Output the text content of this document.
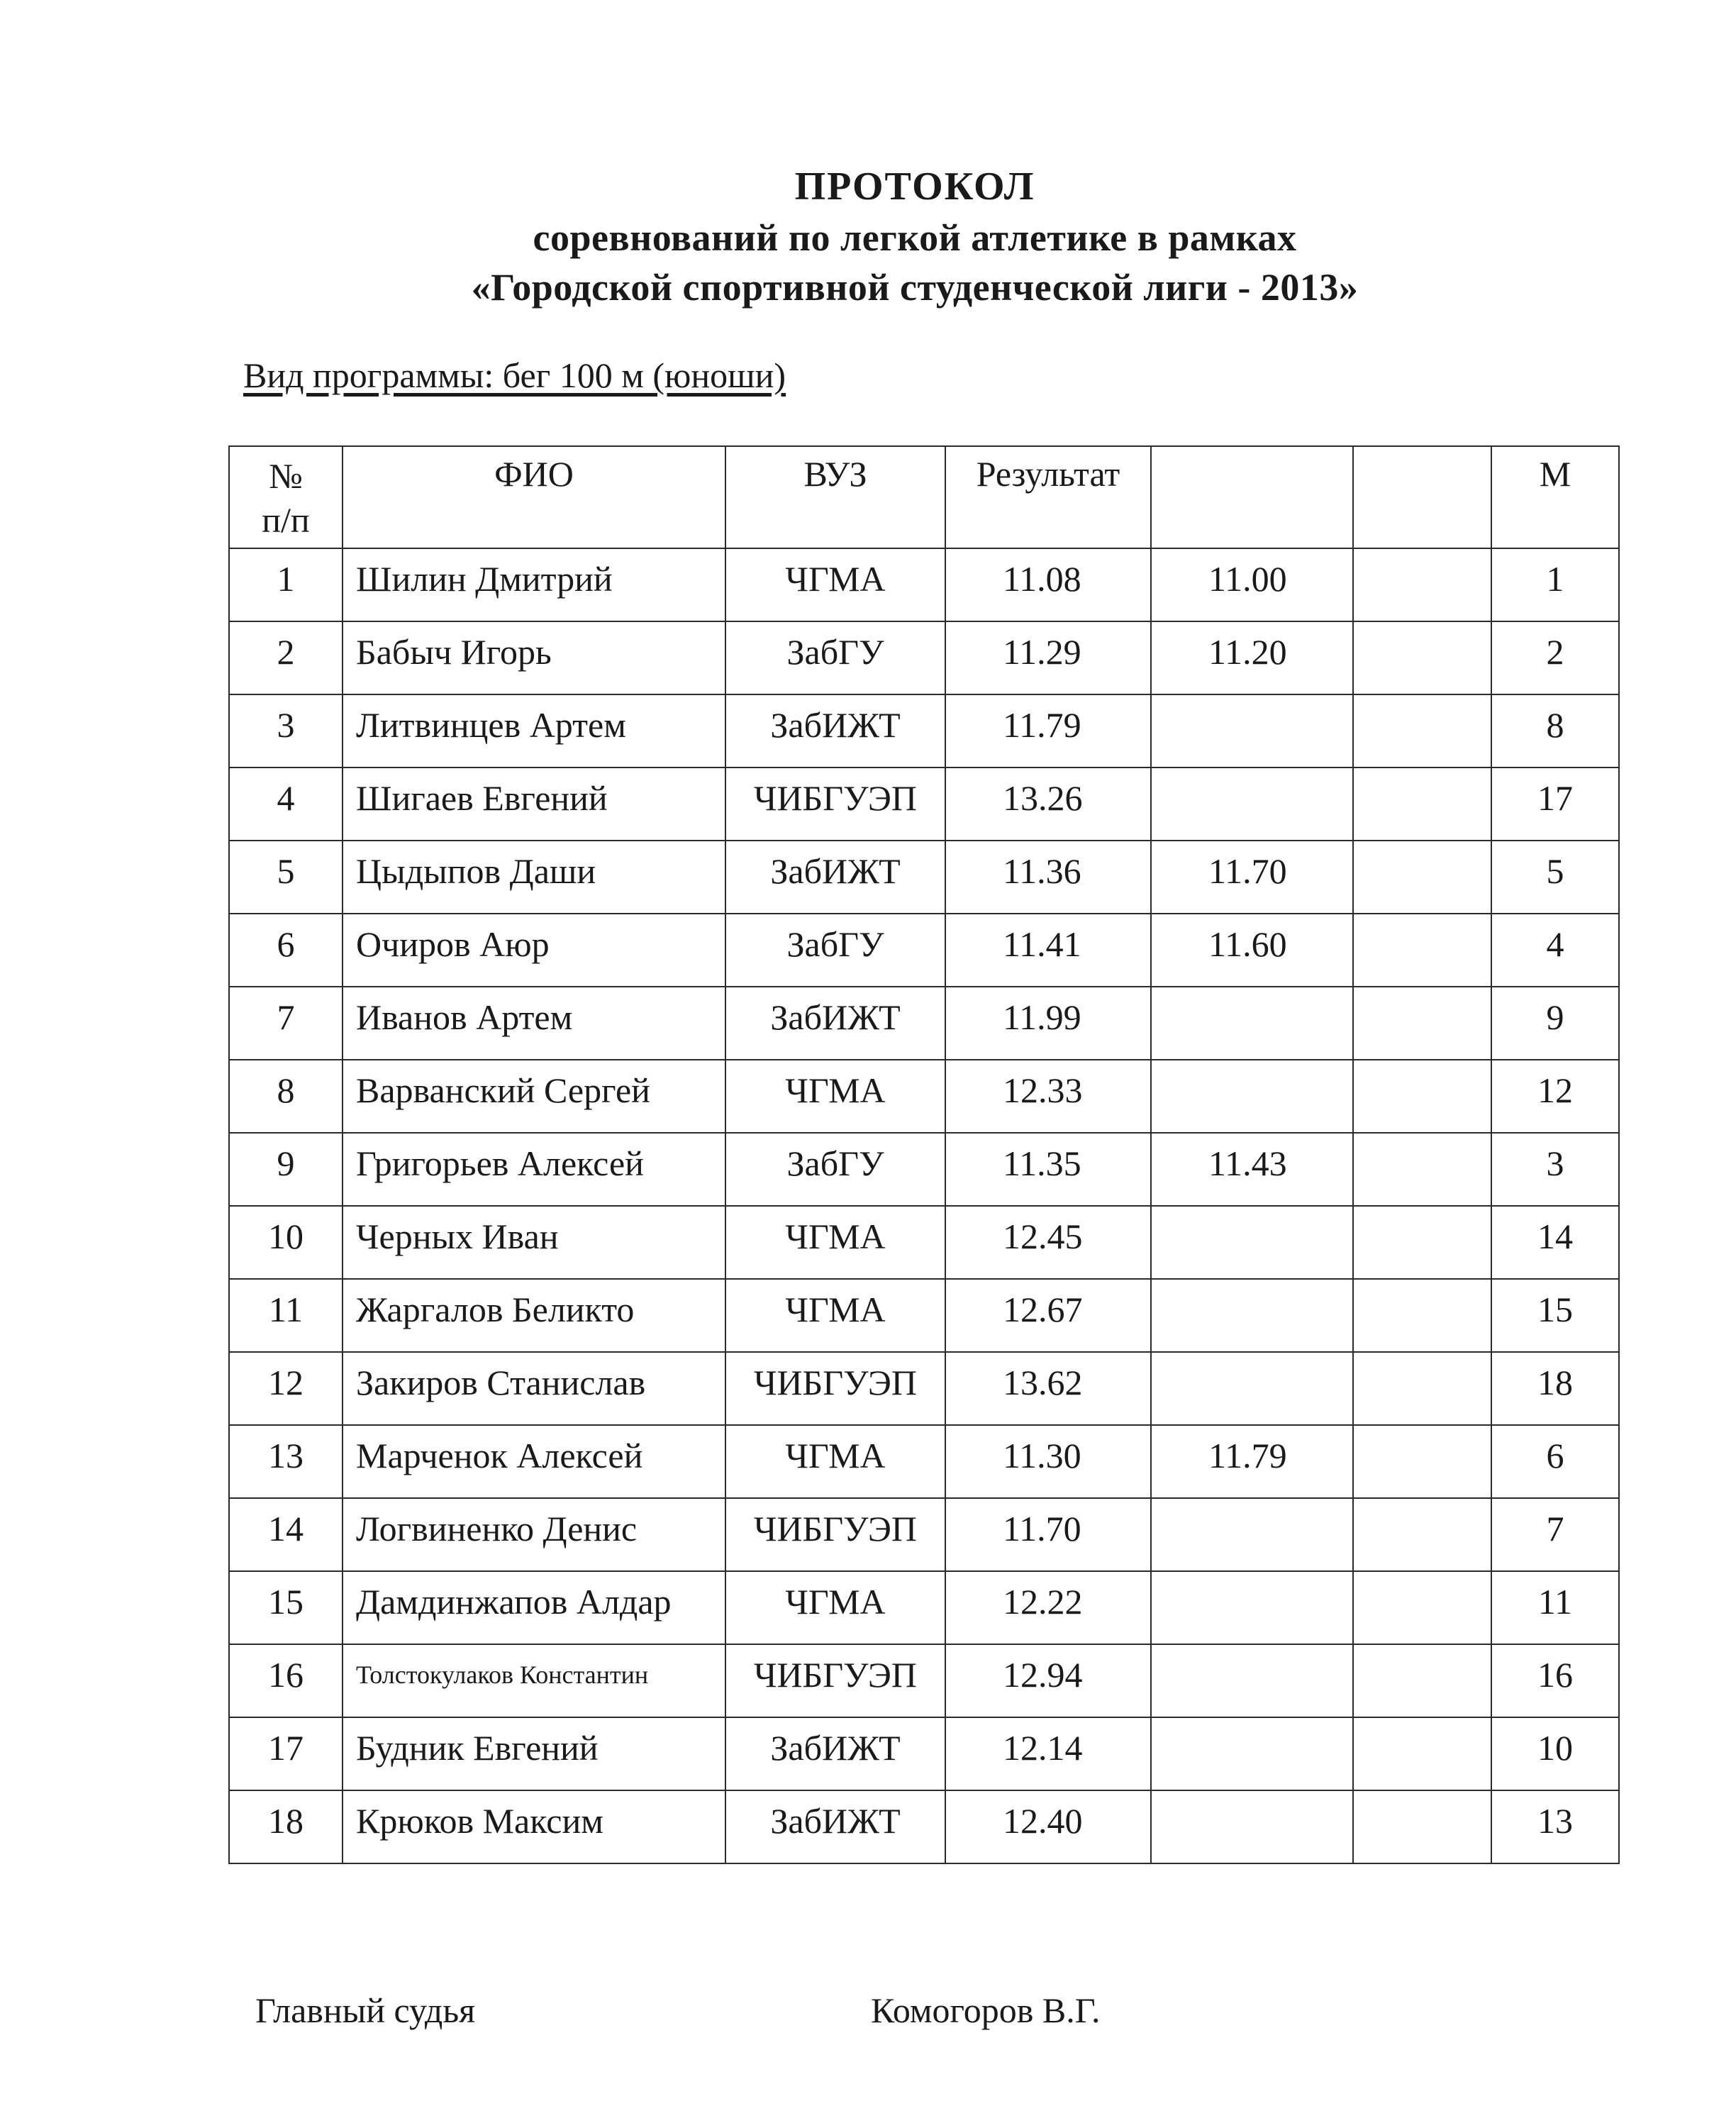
ПРОТОКОЛ
соревнований по легкой атлетике в рамках
«Городской спортивной студенческой лиги - 2013»
Вид программы: бег 100 м (юноши)
№
п/п	ФИО	ВУЗ	Результат			М
1	Шилин Дмитрий	ЧГМА	11.08	11.00		1
2	Бабыч Игорь	ЗабГУ	11.29	11.20		2
3	Литвинцев Артем	ЗабИЖТ	11.79			8
4	Шигаев Евгений	ЧИБГУЭП	13.26			17
5	Цыдыпов Даши	ЗабИЖТ	11.36	11.70		5
6	Очиров Аюр	ЗабГУ	11.41	11.60		4
7	Иванов Артем	ЗабИЖТ	11.99			9
8	Варванский Сергей	ЧГМА	12.33			12
9	Григорьев Алексей	ЗабГУ	11.35	11.43		3
10	Черных Иван	ЧГМА	12.45			14
11	Жаргалов Беликто	ЧГМА	12.67			15
12	Закиров Станислав	ЧИБГУЭП	13.62			18
13	Марченок Алексей	ЧГМА	11.30	11.79		6
14	Логвиненко Денис	ЧИБГУЭП	11.70			7
15	Дамдинжапов Алдар	ЧГМА	12.22			11
16	Толстокулаков Константин	ЧИБГУЭП	12.94			16
17	Будник Евгений	ЗабИЖТ	12.14			10
18	Крюков Максим	ЗабИЖТ	12.40			13
Главный судья	Комогоров В.Г.
